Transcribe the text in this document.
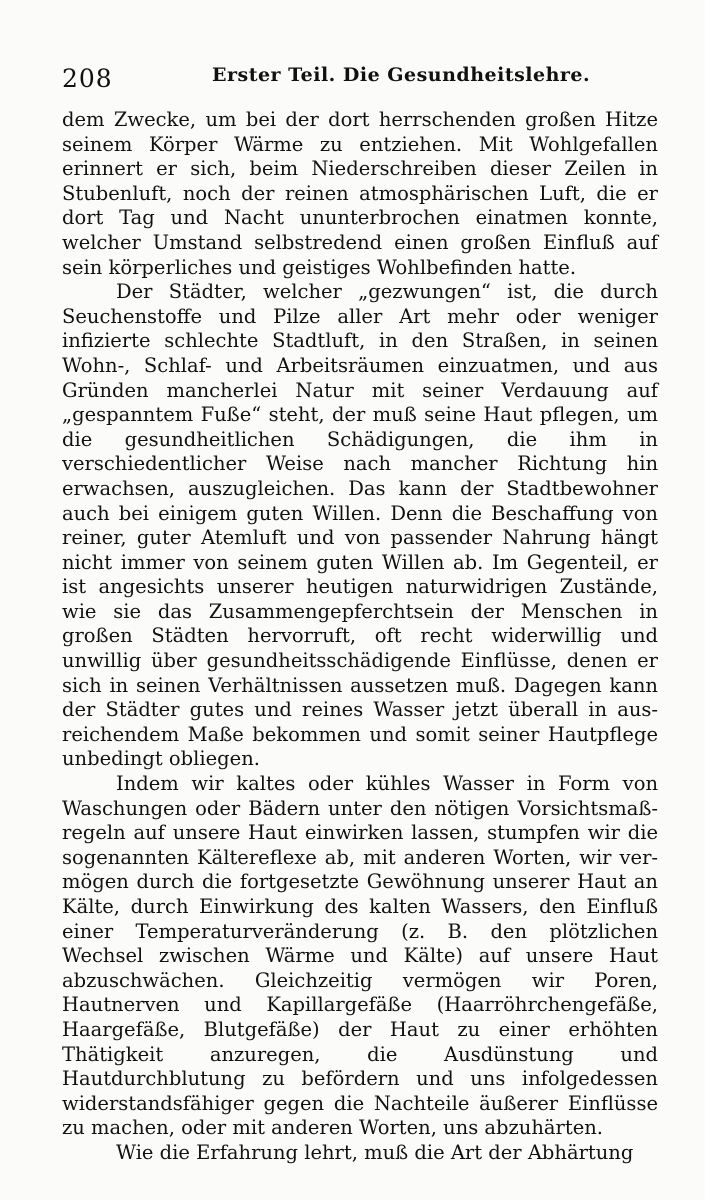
208	Erster Teil. Die Gesundheitslehre.

dem Zwecke, um bei der dort herrschenden großen Hitze seinem Körper Wärme zu entziehen. Mit Wohlgefallen erinnert er sich, beim Niederschreiben dieser Zeilen in Stubenluft, noch der reinen atmosphärischen Luft, die er dort Tag und Nacht ununterbrochen einatmen konnte, welcher Umstand selbstredend einen großen Einfluß auf sein körperliches und geistiges Wohlbefinden hatte.

Der Städter, welcher „gezwungen“ ist, die durch Seuchenstoffe und Pilze aller Art mehr oder weniger infizierte schlechte Stadtluft, in den Straßen, in seinen Wohn-, Schlaf- und Arbeitsräumen einzuatmen, und aus Gründen mancherlei Natur mit seiner Verdauung auf „gespanntem Fuße“ steht, der muß seine Haut pflegen, um die gesundheitlichen Schädigungen, die ihm in verschiedentlicher Weise nach mancher Richtung hin erwachsen, auszugleichen. Das kann der Stadtbewohner auch bei einigem guten Willen. Denn die Beschaffung von reiner, guter Atemluft und von passender Nahrung hängt nicht immer von seinem guten Willen ab. Im Gegenteil, er ist angesichts unserer heutigen naturwidrigen Zustände, wie sie das Zusammengepferchtsein der Menschen in großen Städten hervorruft, oft recht widerwillig und unwillig über gesundheitsschädigende Einflüsse, denen er sich in seinen Verhältnissen aussetzen muß. Dagegen kann der Städter gutes und reines Wasser jetzt überall in ausreichendem Maße bekommen und somit seiner Hautpflege unbedingt obliegen.

Indem wir kaltes oder kühles Wasser in Form von Waschungen oder Bädern unter den nötigen Vorsichtsmaßregeln auf unsere Haut einwirken lassen, stumpfen wir die sogenannten Kältereflexe ab, mit anderen Worten, wir vermögen durch die fortgesetzte Gewöhnung unserer Haut an Kälte, durch Einwirkung des kalten Wassers, den Einfluß einer Temperaturveränderung (z. B. den plötzlichen Wechsel zwischen Wärme und Kälte) auf unsere Haut abzuschwächen. Gleichzeitig vermögen wir Poren, Hautnerven und Kapillargefäße (Haarröhrchengefäße, Haargefäße, Blutgefäße) der Haut zu einer erhöhten Thätigkeit anzuregen, die Ausdünstung und Hautdurchblutung zu befördern und uns infolgedessen widerstandsfähiger gegen die Nachteile äußerer Einflüsse zu machen, oder mit anderen Worten, uns abzuhärten.

Wie die Erfahrung lehrt, muß die Art der Abhärtung
